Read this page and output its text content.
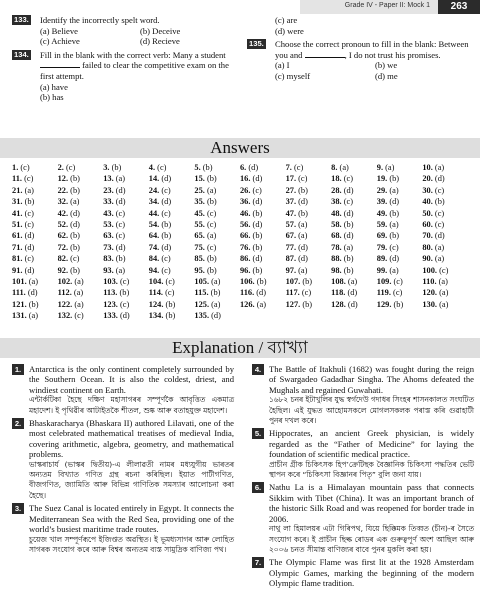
Grade IV - Paper II: Mock 1	263
133. Identify the incorrectly spelt word.
(a) Believe	(b) Deceive
(c) Achieve	(d) Recieve
134. Fill in the blank with the correct verb: Many a student  failed to clear the competitive exam on the first attempt.
(a) have
(b) has
(c) are
(d) were
135. Choose the correct pronoun to fill in the blank: Between you and	, I do not trust his promises.
(a) I	(b) we
(c) myself	(d) me
Answers
1. (c)	2. (c)	3. (b)	4. (c)	5. (b)	6. (d)	7. (c)	8. (a)	9. (a)	10. (a)
11. (c)	12. (b)	13. (a)	14. (d)	15. (b)	16. (d)	17. (c)	18. (c)	19. (b)	20. (d)
21. (a)	22. (b)	23. (d)	24. (c)	25. (a)	26. (c)	27. (b)	28. (d)	29. (a)	30. (c)
31. (b)	32. (a)	33. (d)	34. (d)	35. (b)	36. (d)	37. (d)	38. (c)	39. (d)	40. (b)
41. (c)	42. (d)	43. (c)	44. (c)	45. (c)	46. (b)	47. (b)	48. (d)	49. (b)	50. (c)
51. (c)	52. (d)	53. (c)	54. (b)	55. (c)	56. (d)	57. (a)	58. (b)	59. (a)	60. (c)
61. (d)	62. (b)	63. (c)	64. (b)	65. (a)	66. (b)	67. (a)	68. (d)	69. (b)	70. (d)
71. (d)	72. (b)	73. (d)	74. (d)	75. (c)	76. (b)	77. (d)	78. (a)	79. (c)	80. (a)
81. (c)	82. (c)	83. (b)	84. (c)	85. (b)	86. (d)	87. (d)	88. (b)	89. (d)	90. (a)
91. (d)	92. (b)	93. (a)	94. (c)	95. (b)	96. (b)	97. (a)	98. (b)	99. (a)	100. (c)
101. (a)	102. (a)	103. (c)	104. (c)	105. (a)	106. (b)	107. (b)	108. (a)	109. (c)	110. (a)
111. (d)	112. (a)	113. (b)	114. (c)	115. (b)	116. (d)	117. (c)	118. (d)	119. (c)	120. (a)
121. (b)	122. (a)	123. (c)	124. (b)	125. (a)	126. (a)	127. (b)	128. (d)	129. (b)	130. (a)
131. (a)	132. (c)	133. (d)	134. (b)	135. (d)
Explanation / ব্যাখ্যা
1. Antarctica is the only continent completely surrounded by the Southern Ocean. It is also the coldest, driest, and windiest continent on Earth.
এন্টাৰ্কটিকা হৈছে দক্ষিণ মহাসাগৰৰ সম্পূৰ্ণকৈ আবৃত্তিত একমাত্ৰ মহাদেশ। ই পৃথিৱীৰ আটাইতকৈ শীতল, শুষ্ক আৰু বতাহযুক্ত মহাদেশ।
2. Bhaskaracharya (Bhaskara II) authored Lilavati, one of the most celebrated mathematical treatises of medieval India, covering arithmetic, algebra, geometry, and mathematical problems.
ভাস্কৰাচাৰ্য (ভাস্কৰ দ্বিতীয়)-এ লীলাৱতী নামৰ মধ্যযুগীয় ভাৰতৰ অন্যতম বিখ্যাত গণিত গ্ৰন্থ ৰচনা কৰিছিল। ইয়াত পাটীগণিত, বীজগণিত, জ্যামিতি আৰু বিভিন্ন গাণিতিক সমস্যাৰ আলোচনা কৰা হৈছে।
3. The Suez Canal is located entirely in Egypt. It connects the Mediterranean Sea with the Red Sea, providing one of the world’s busiest maritime trade routes.
চুয়েজ খাল সম্পূৰ্ণৰূপে ইজিপ্তত অৱস্থিত। ই ভূমধ্যসাগৰ আৰু লোহিত সাগৰক সংযোগ কৰে আৰু বিশ্বৰ অন্যতম ব্যস্ত সামুদ্ৰিক বাণিজ্য পথ।
4. The Battle of Itakhuli (1682) was fought during the reign of Swargadeo Gadadhar Singha. The Ahoms defeated the Mughals and regained Guwahati.
১৬৮২ চনৰ ইটাখুলিৰ যুদ্ধ স্বৰ্গদেউ গদাধৰ সিংহৰ শাসনকালত সংঘটিত হৈছিল। এই যুদ্ধত আহোমসকলে মোগলসকলক পৰাস্ত কৰি গুৱাহাটী পুনৰ দখল কৰে।
5. Hippocrates, an ancient Greek physician, is widely regarded as the “Father of Medicine” for laying the foundation of scientific medical practice.
প্ৰাচীন গ্ৰীক চিকিৎসক হিপ’ক্ৰেটিছক বৈজ্ঞানিক চিকিৎসা পদ্ধতিৰ ভেটি স্থাপন কৰে “চিকিৎসা বিজ্ঞানৰ পিতৃ” বুলি জনা যায়।
6. Nathu La is a Himalayan mountain pass that connects Sikkim with Tibet (China). It was an important branch of the historic Silk Road and was reopened for border trade in 2006.
নাথু লা হিমালয়ৰ এটা গিৰিপথ, যিয়ে ছিক্কিমক তিব্বত (চীন)-ৰ সৈতে সংযোগ কৰে। ই প্ৰাচীন ছিল্ক ৰোডৰ এক গুৰুত্বপূৰ্ণ অংশ আছিল আৰু ২০০৬ চনত সীমান্ত বাণিজ্যৰ বাবে পুনৰ মুকলি কৰা হয়।
7. The Olympic Flame was first lit at the 1928 Amsterdam Olympic Games, marking the beginning of the modern Olympic flame tradition.
